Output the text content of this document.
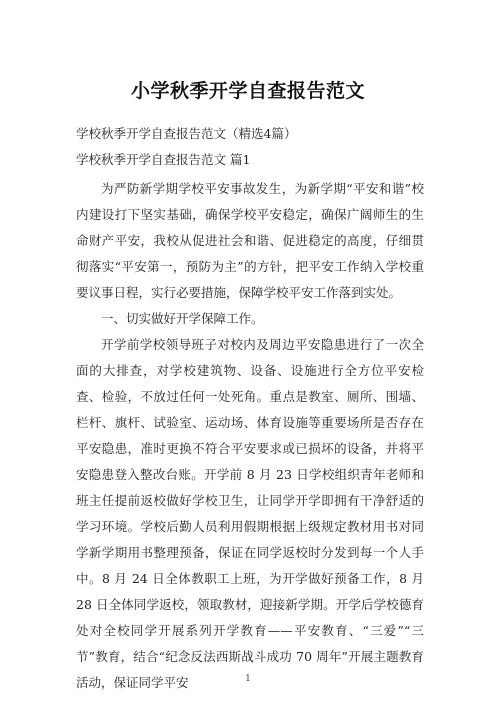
小学秋季开学自查报告范文
学校秋季开学自查报告范文（精选4篇）
学校秋季开学自查报告范文 篇1

为严防新学期学校平安事故发生，为新学期“平安和谐”校内建设打下坚实基础，确保学校平安稳定，确保广阔师生的生命财产平安，我校从促进社会和谐、促进稳定的高度，仔细贯彻落实“平安第一，预防为主”的方针，把平安工作纳入学校重要议事日程，实行必要措施，保障学校平安工作落到实处。

一、切实做好开学保障工作。

开学前学校领导班子对校内及周边平安隐患进行了一次全面的大排查，对学校建筑物、设备、设施进行全方位平安检查、检验，不放过任何一处死角。重点是教室、厕所、围墙、栏杆、旗杆、试验室、运动场、体育设施等重要场所是否存在平安隐患，准时更换不符合平安要求或已损坏的设备，并将平安隐患登入整改台账。开学前 8 月 23 日学校组织青年老师和班主任提前返校做好学校卫生，让同学开学即拥有干净舒适的学习环境。学校后勤人员利用假期根据上级规定教材用书对同学新学期用书整理预备，保证在同学返校时分发到每一个人手中。8 月 24 日全体教职工上班，为开学做好预备工作，8 月 28 日全体同学返校，领取教材，迎接新学期。开学后学校德育处对全校同学开展系列开学教育——平安教育、“三爱”“三节”教育，结合“纪念反法西斯战斗成功 70 周年”开展主题教育活动，保证同学平安	1
